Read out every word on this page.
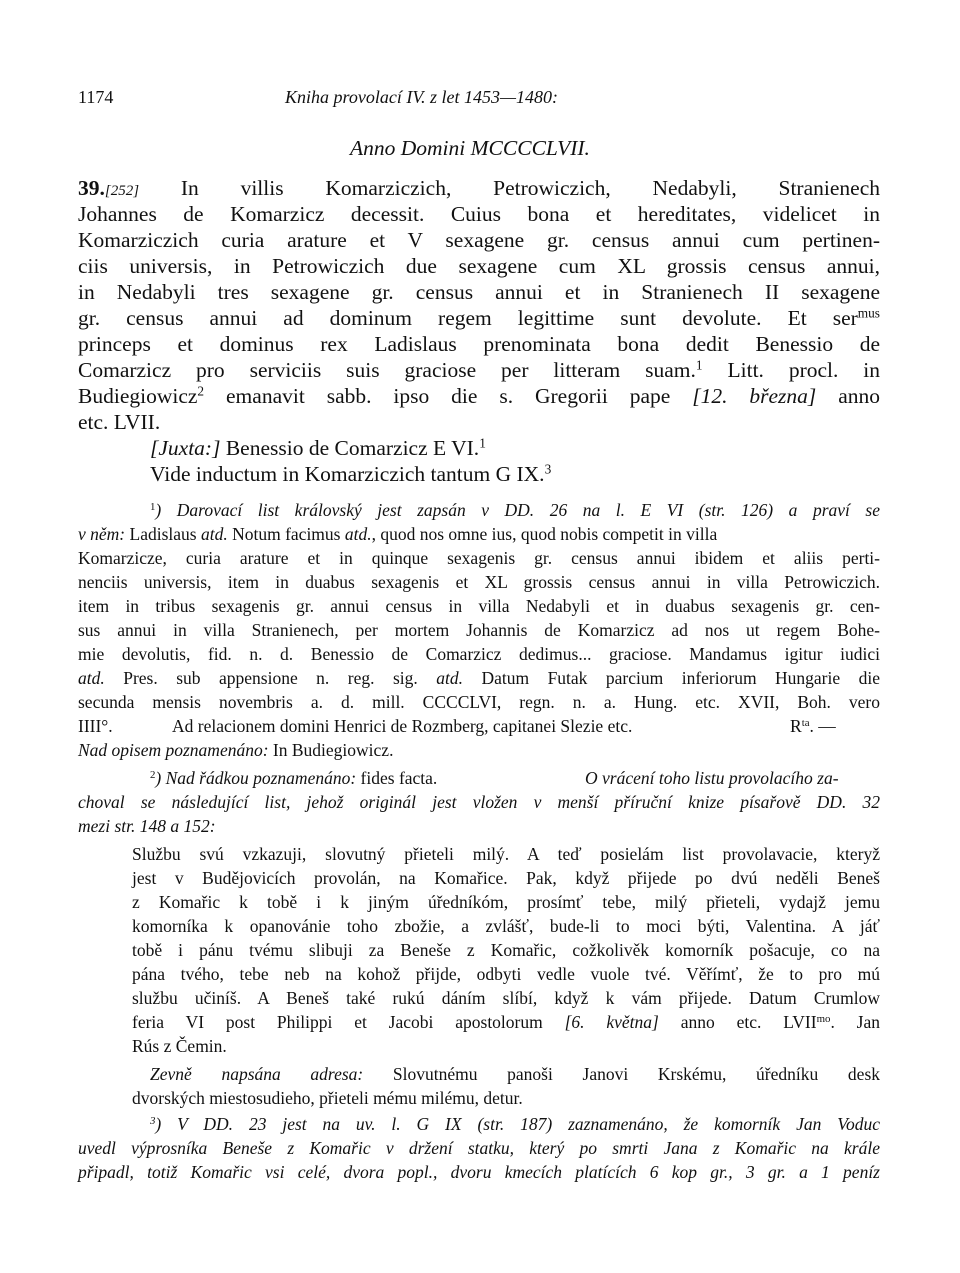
1174	Kniha provolací IV. z let 1453—1480:
Anno Domini MCCCCLVII.
39.[252] In villis Komarziczich, Petrowiczich, Nedabyli, Stranienech
Johannes de Komarzicz decessit. Cuius bona et hereditates, videlicet in
Komarziczich curia arature et V sexagene gr. census annui cum pertinen-
ciis universis, in Petrowiczich due sexagene cum XL grossis census annui,
in Nedabyli tres sexagene gr. census annui et in Stranienech II sexagene
gr. census annui ad dominum regem legittime sunt devolute. Et ser$^{mus}$
princeps et dominus rex Ladislaus prenominata bona dedit Benessio de
Comarzicz pro serviciis suis graciose per litteram suam.$^1$ Litt. procl. in
Budiegiowicz$^2$ emanavit sabb. ipso die s. Gregorii pape [12. března] anno
etc. LVII.
[Juxta:] Benessio de Comarzicz E VI.$^1$
Vide inductum in Komarziczich tantum G IX.$^3$
$^1$) Darovací list královský jest zapsán v DD. 26 na l. E VI (str. 126) a praví se
v něm: Ladislaus atd. Notum facimus atd., quod nos omne ius, quod nobis competit in villa
Komarzicze, curia arature et in quinque sexagenis gr. census annui ibidem et aliis perti-
nenciis universis, item in duabus sexagenis et XL grossis census annui in villa Petrowiczich.
item in tribus sexagenis gr. annui census in villa Nedabyli et in duabus sexagenis gr. cen-
sus annui in villa Stranienech, per mortem Johannis de Komarzicz ad nos ut regem Bohe-
mie devolutis, fid. n. d. Benessio de Comarzicz dedimus... graciose. Mandamus igitur iudici
atd. Pres. sub appensione n. reg. sig. atd. Datum Futak parcium inferiorum Hungarie die
secunda mensis novembris a. d. mill. CCCCLVI, regn. n. a. Hung. etc. XVII, Boh. vero
IIII°.	Ad relacionem domini Henrici de Rozmberg, capitanei Slezie etc.	$R^{ta}$. —
Nad opisem poznamenáno: In Budiegiowicz.
$^2$) Nad řádkou poznamenáno: fides facta.	O vrácení toho listu provolacího za-
choval se následující list, jehož originál jest vložen v menší příruční knize písařově DD. 32
mezi str. 148 a 152:
Službu svú vzkazuji, slovutný přieteli milý. A teď posielám list provolavacie, kteryž
jest v Budějovicích provolán, na Komařice. Pak, když přijede po dvú neděli Beneš
z Komařic k tobě i k jiným úředníkóm, prosímť tebe, milý přieteli, vydajž jemu
komorníka k opanovánie toho zbožie, a zvlášť, bude-li to moci býti, Valentina. A jáť
tobě i pánu tvému slibuji za Beneše z Komařic, cožkolivěk komorník pošacuje, co na
pána tvého, tebe neb na kohož přijde, odbyti vedle vuole tvé. Věřímť, že to pro mú
službu učiníš. A Beneš také rukú dáním slíbí, když k vám přijede. Datum Crumlow
feria VI post Philippi et Jacobi apostolorum [6. května] anno etc. $LVII^{mo}$. Jan
Rús z Čemin.
Zevně napsána adresa: Slovutnému panoši Janovi Krskému, úředníku desk
dvorských miestosudieho, přieteli mému milému, detur.
$^3$) V DD. 23 jest na uv. l. G IX (str. 187) zaznamenáno, že komorník Jan Voduc
uvedl výprosníka Beneše z Komařic v držení statku, který po smrti Jana z Komařic na krále
připadl, totiž Komařic vsi celé, dvora popl., dvoru kmecích platících 6 kop gr., 3 gr. a 1 peníz
